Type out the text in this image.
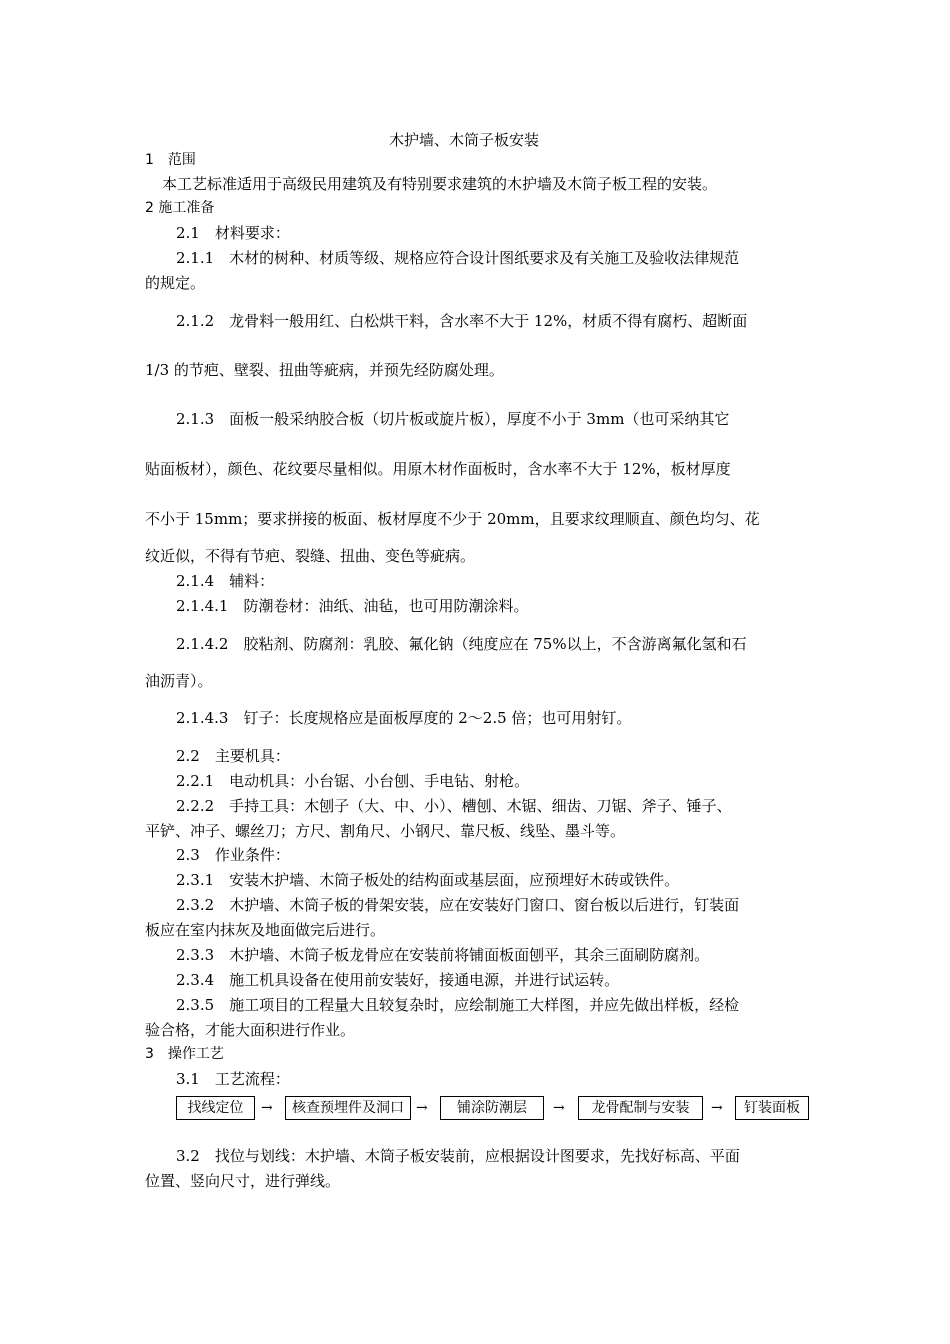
木护墙、木筒子板安装
1　范围
本工艺标准适用于高级民用建筑及有特别要求建筑的木护墙及木筒子板工程的安装。
2 施工准备
2.1　材料要求：
2.1.1　木材的树种、材质等级、规格应符合设计图纸要求及有关施工及验收法律规范
的规定。
2.1.2　龙骨料一般用红、白松烘干料，含水率不大于 12%，材质不得有腐朽、超断面
1/3 的节疤、壁裂、扭曲等疵病，并预先经防腐处理。
2.1.3　面板一般采纳胶合板（切片板或旋片板），厚度不小于 3mm（也可采纳其它
贴面板材），颜色、花纹要尽量相似。用原木材作面板时，含水率不大于 12%，板材厚度
不小于 15mm；要求拼接的板面、板材厚度不少于 20mm，且要求纹理顺直、颜色均匀、花
纹近似，不得有节疤、裂缝、扭曲、变色等疵病。
2.1.4　辅料：
2.1.4.1　防潮卷材：油纸、油毡，也可用防潮涂料。
2.1.4.2　胶粘剂、防腐剂：乳胶、氟化钠（纯度应在 75%以上，不含游离氟化氢和石
油沥青）。
2.1.4.3　钉子：长度规格应是面板厚度的 2～2.5 倍；也可用射钉。
2.2　主要机具：
2.2.1　电动机具：小台锯、小台刨、手电钻、射枪。
2.2.2　手持工具：木刨子（大、中、小）、槽刨、木锯、细齿、刀锯、斧子、锤子、
平铲、冲子、螺丝刀；方尺、割角尺、小钢尺、靠尺板、线坠、墨斗等。
2.3　作业条件：
2.3.1　安装木护墙、木筒子板处的结构面或基层面，应预埋好木砖或铁件。
2.3.2　木护墙、木筒子板的骨架安装，应在安装好门窗口、窗台板以后进行，钉装面
板应在室内抹灰及地面做完后进行。
2.3.3　木护墙、木筒子板龙骨应在安装前将铺面板面刨平，其余三面刷防腐剂。
2.3.4　施工机具设备在使用前安装好，接通电源，并进行试运转。
2.3.5　施工项目的工程量大且较复杂时，应绘制施工大样图，并应先做出样板，经检
验合格，才能大面积进行作业。
3　操作工艺
3.1　工艺流程：
找线定位	→	核查预埋件及洞口 →	铺涂防潮层	→	龙骨配制与安装	→	钉装面板
3.2　找位与划线：木护墙、木筒子板安装前，应根据设计图要求，先找好标高、平面
位置、竖向尺寸，进行弹线。
